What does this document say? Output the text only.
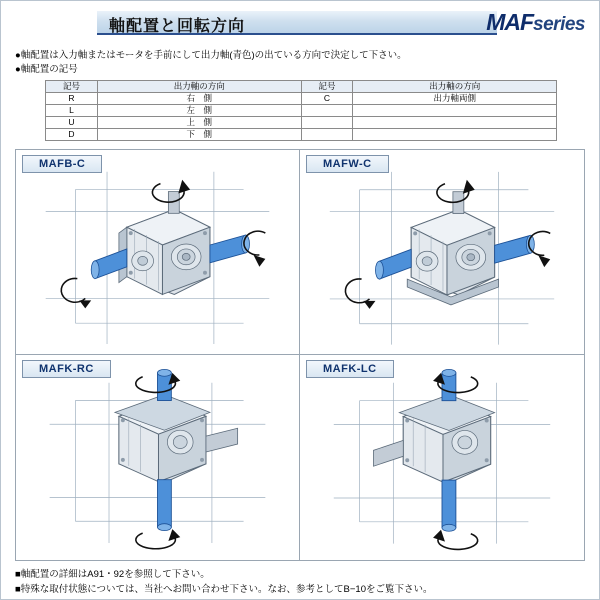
軸配置と回転方向	MAFseries
●軸配置は入力軸またはモータを手前にして出力軸(青色)の出ている方向で決定して下さい。
●軸配置の記号
記号	出力軸の方向	記号	出力軸の方向
R	右　側	C	出力軸両側
L	左　側		
U	上　側		
D	下　側		
MAFB-C	MAFW-C
MAFK-RC	MAFK-LC
■軸配置の詳細はA91・92を参照して下さい。
■特殊な取付状態については、当社へお問い合わせ下さい。なお、参考としてB−10をご覧下さい。
